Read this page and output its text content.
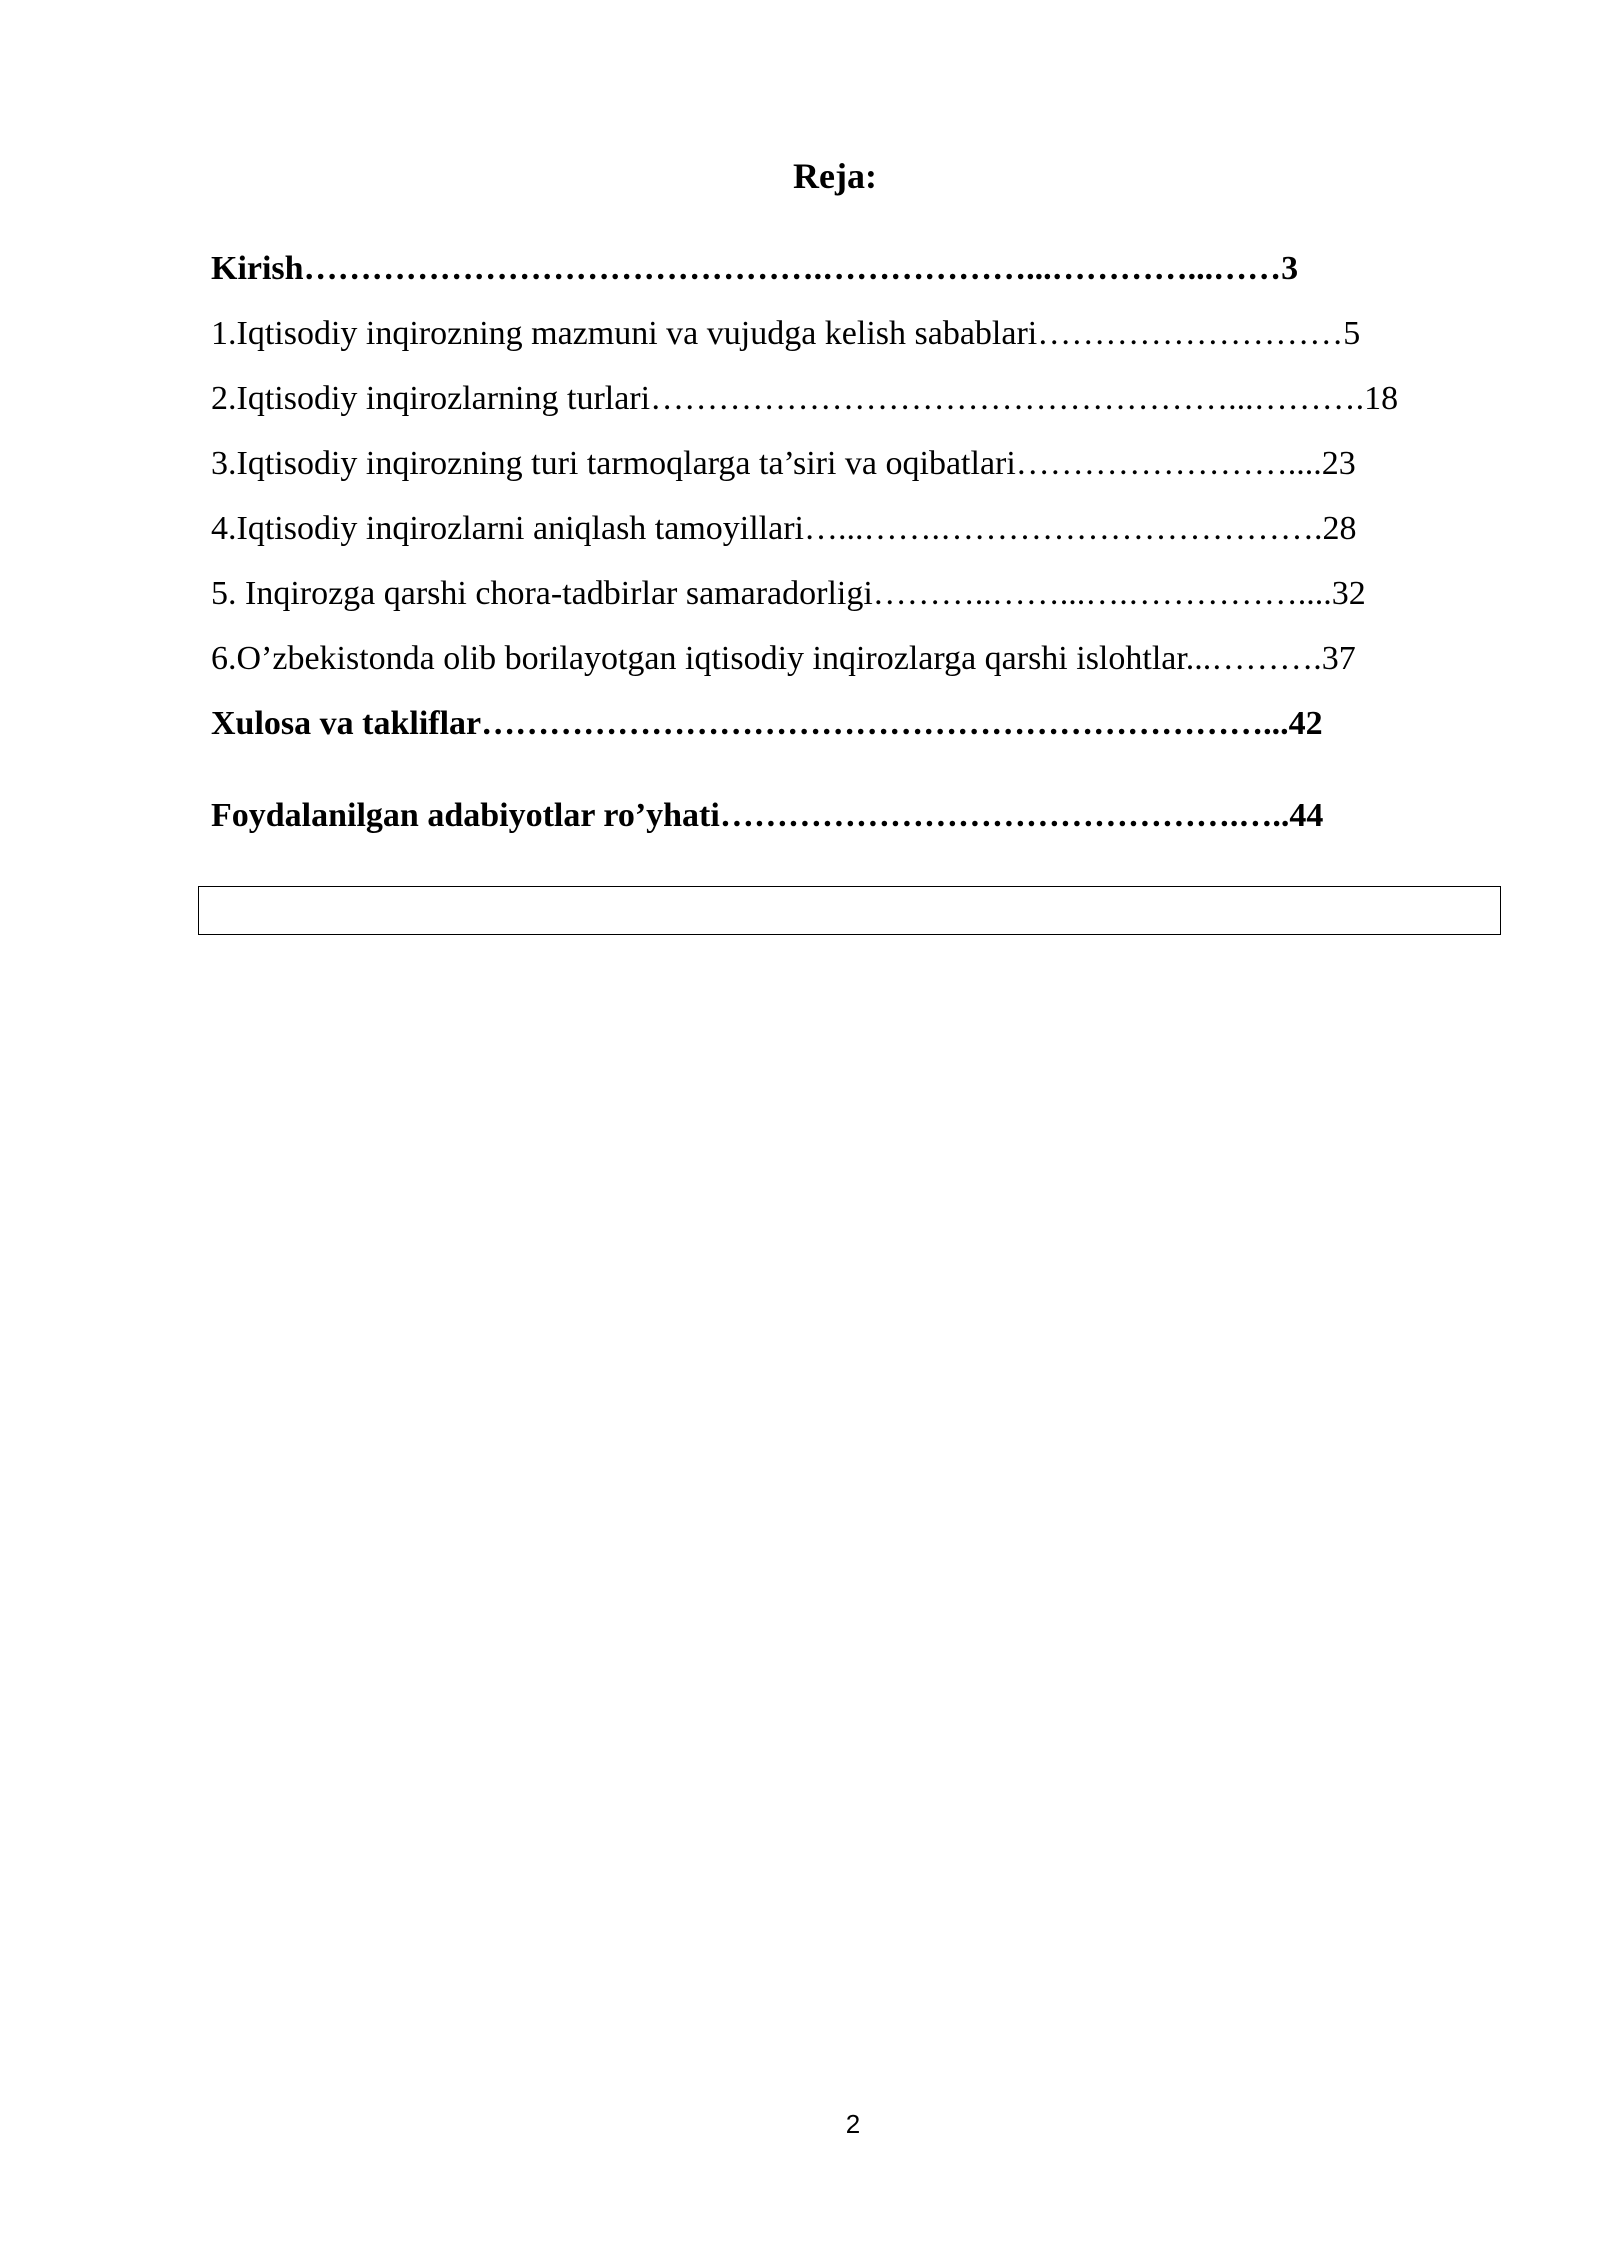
Reja:
Kirish……………………………………….………………...…………...……3
1.Iqtisodiy inqirozning mazmuni va vujudga kelish sabablari………………………5
2.Iqtisodiy inqirozlarning turlari……………………………………………...……….18
3.Iqtisodiy inqirozning turi tarmoqlarga ta’siri va oqibatlari……………………....23
4.Iqtisodiy inqirozlarni aniqlash tamoyillari…...…….…………………………….28
5. Inqirozga qarshi chora-tadbirlar samaradorligi………..……...….……………....32
6.O’zbekistonda olib borilayotgan iqtisodiy inqirozlarga qarshi islohtlar...……….37
Xulosa va takliflar……………………………………………………………...42
Foydalanilgan adabiyotlar ro’yhati……………………………………….…..44
2
